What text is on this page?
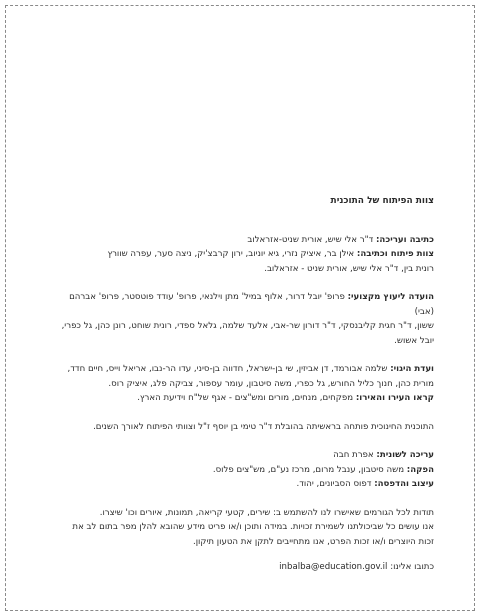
צוות הפיתוח של התוכנית

כתיבה ועריכה: ד"ר אלי שיש, אורית שניט-אזראלוב

צוות פיתוח וכתיבה: אילן בר, איציק נזרי, גיא יוניוב, ירון קרבצ'יק, ניצה סער, עפרה שוורץ

רונית בין, ד"ר אלי שיש, אורית שניט - אזראלוב.

הועדה ליעוץ מקצועי: פרופ' יובל דרור, אלוף במיל' מתן וילנאי, פרופ' עודד פוטסטר, פרופ' אברהם (אבי)

ששון, ד"ר חגית קליבנסקי, ד"ר דורון שר-אבי, אלעד שלמה, גלאל ספדי, רונית שוחט, רונן כהן, גל כפרי,

יובל אשוש.

ועדת היגוי: שלמה אבורמד, דן אביזין, שי בן-ישראל, חדווה בן-סיני, עדו הר-נבו, אריאל וייס, חיים חדד,

מורית כהן, חנוך כליל החורש, גל כפרי, משה סיטבון, עומר עספור, צביקה פלג, איציק רוס.

קראו העירו והאירו: מפקחים, מנחים, מורים ומש"צים - אגף של"ח וידיעת הארץ.

התוכנית החינוכית פותחה בראשיתה בהובלת ד"ר טימי בן יוסף ז"ל וצוותי הפיתוח לאורך השנים.

עריכה לשונית: אפרת חבה

הפקה: משה סיטבון, ענבל מרום, מרכז נע"ם, מש"צים פלוס.

עיצוב והדפסה: דפוס הסביונים, יהוד.

תודות לכל הגורמים שאישרו לנו להשתמש ב: שירים, קטעי קריאה, תמונות, איורים וכו' שיצרו.

אנו עושים כל שביכולתנו לשמירת זכויות. במידה ותוכן ו/או פריט מידע שהובא להלן מפר בתום לב את

זכות היוצרים ו/או זכות הפרט, אנו מתחייבים לתקן את הטעון תיקון.

כתובו אלינו: inbalba@education.gov.il
